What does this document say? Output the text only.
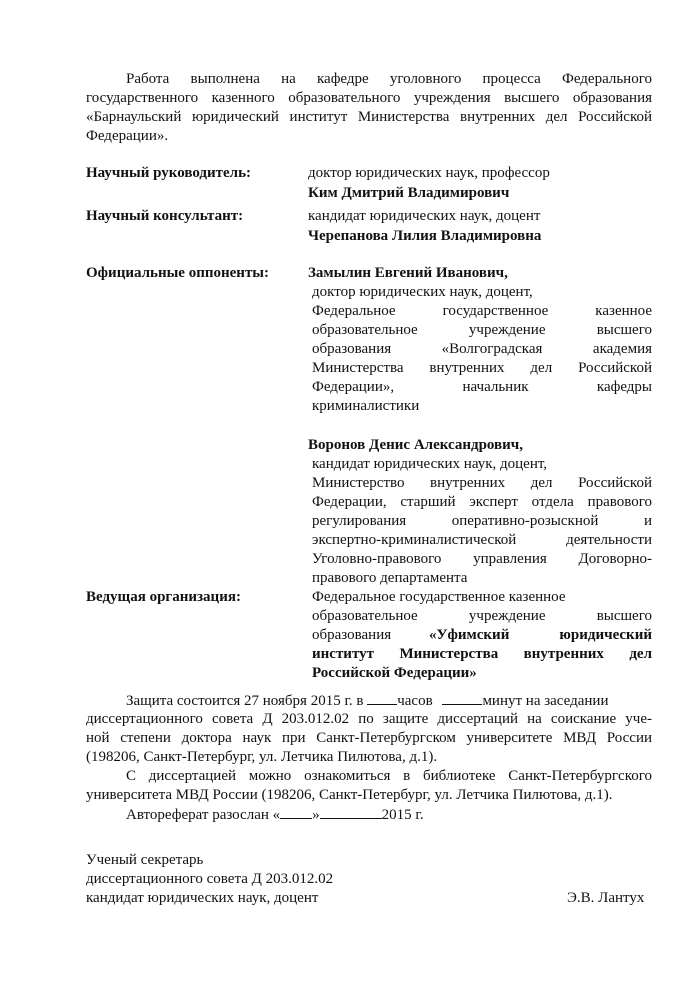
Работа выполнена на кафедре уголовного процесса Федерального
государственного казенного образовательного учреждения высшего образования
«Барнаульский юридический институт Министерства внутренних дел Российской
Федерации».
Научный руководитель:	доктор юридических наук, профессор
Ким Дмитрий Владимирович
Научный консультант:	кандидат юридических наук, доцент
Черепанова Лилия Владимировна
Официальные оппоненты:	Замылин Евгений Иванович,
доктор юридических наук, доцент,
Федеральное государственное казенное
образовательное учреждение высшего
образования «Волгоградская академия
Министерства внутренних дел Российской
Федерации», начальник кафедры
криминалистики
Воронов Денис Александрович,
кандидат юридических наук, доцент,
Министерство внутренних дел Российской
Федерации, старший эксперт отдела правового
регулирования оперативно-розыскной и
экспертно-криминалистической деятельности
Уголовно-правового управления Договорно-
правового департамента
Ведущая организация:	Федеральное государственное казенное
образовательное учреждение высшего
образования	«Уфимский юридический
институт Министерства внутренних дел
Российской Федерации»
Защита состоится 27 ноября 2015 г. в часов	минут на заседании
диссертационного совета Д 203.012.02 по защите диссертаций на соискание уче-
ной степени доктора наук при Санкт-Петербургском университете МВД России
(198206, Санкт-Петербург, ул. Летчика Пилютова, д.1).
С диссертацией можно ознакомиться в библиотеке Санкт-Петербургского
университета МВД России (198206, Санкт-Петербург, ул. Летчика Пилютова, д.1).
Автореферат разослан « »	2015 г.
Ученый секретарь
диссертационного совета Д 203.012.02
кандидат юридических наук, доцент	Э.В. Лантух
